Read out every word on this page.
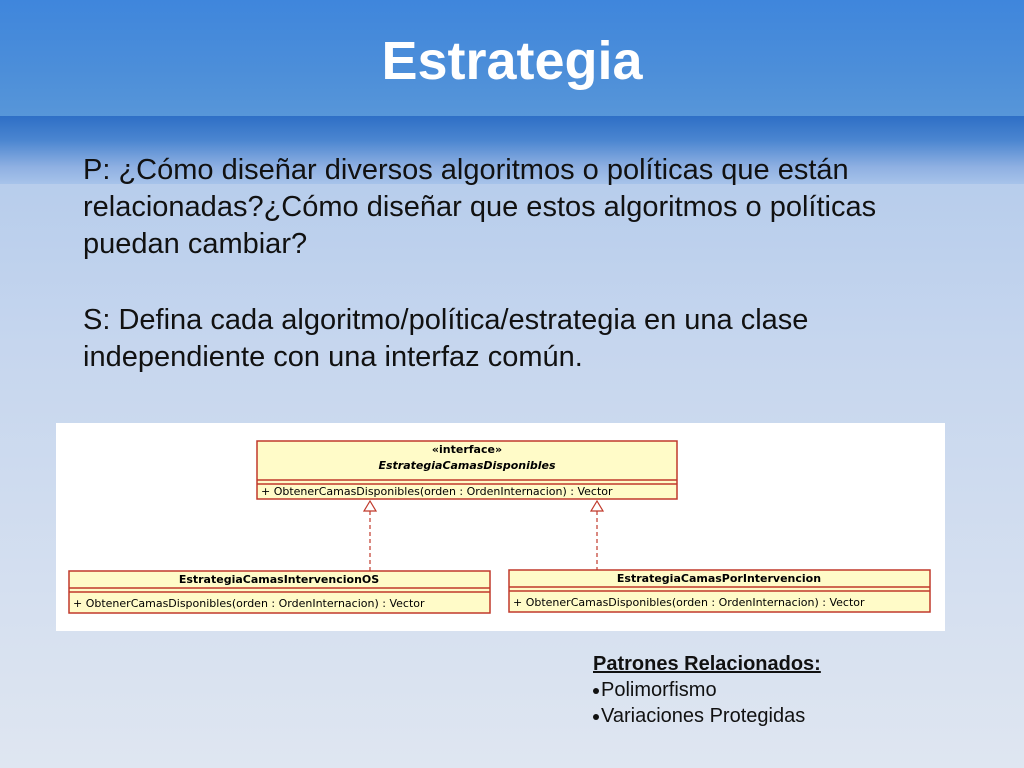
Estrategia
P: ¿Cómo diseñar diversos algoritmos o políticas que están relacionadas?¿Cómo diseñar que estos algoritmos o políticas puedan cambiar?
S: Defina cada algoritmo/política/estrategia en una clase independiente con una interfaz común.
«interface»
EstrategiaCamasDisponibles
+ ObtenerCamasDisponibles(orden : OrdenInternacion) : Vector
EstrategiaCamasIntervencionOS
+ ObtenerCamasDisponibles(orden : OrdenInternacion) : Vector
EstrategiaCamasPorIntervencion
+ ObtenerCamasDisponibles(orden : OrdenInternacion) : Vector
Patrones Relacionados:
Polimorfismo
Variaciones Protegidas
